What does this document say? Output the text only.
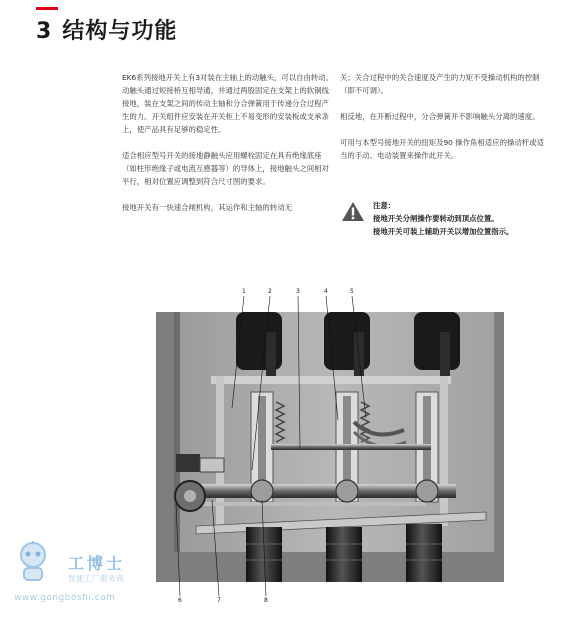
3 结构与功能

EK6系列接地开关上有3对装在主轴上的动触头，可以自由转动。动触头通过短接桥互相导通，并通过两股固定在支架上的软铜线接地，装在支架之间的传动主轴和分合弹簧用于传递分合过程产生的力。开关组件应安装在开关柜上不易变形的安装板或支承条上，使产品具有足够的稳定性。

适合相应型号开关的接地静触头应用螺栓固定在具有绝缘底座（如柱形绝缘子或电流互感器等）的导体上，接地触头之间相对平行，相对位置应调整到符合尺寸图的要求。

接地开关有一快速合闸机构，其运作和主轴的转动无

关；关合过程中的关合速度及产生的力矩不受操动机构的控制（即不可调）。

相反地，在开断过程中，分合弹簧并不影响触头分离的速度。

可用与本型号接地开关的扭矩及90 操作角相适应的操动杆或适当的手动、电动装置来操作此开关。

注意：
接地开关分闸操作要转动到顶点位置。
接地开关可装上辅助开关以增加位置指示。
1	2	3	4	5
6	7	8
工博士
智能工厂服务商
www.gongboshi.com
